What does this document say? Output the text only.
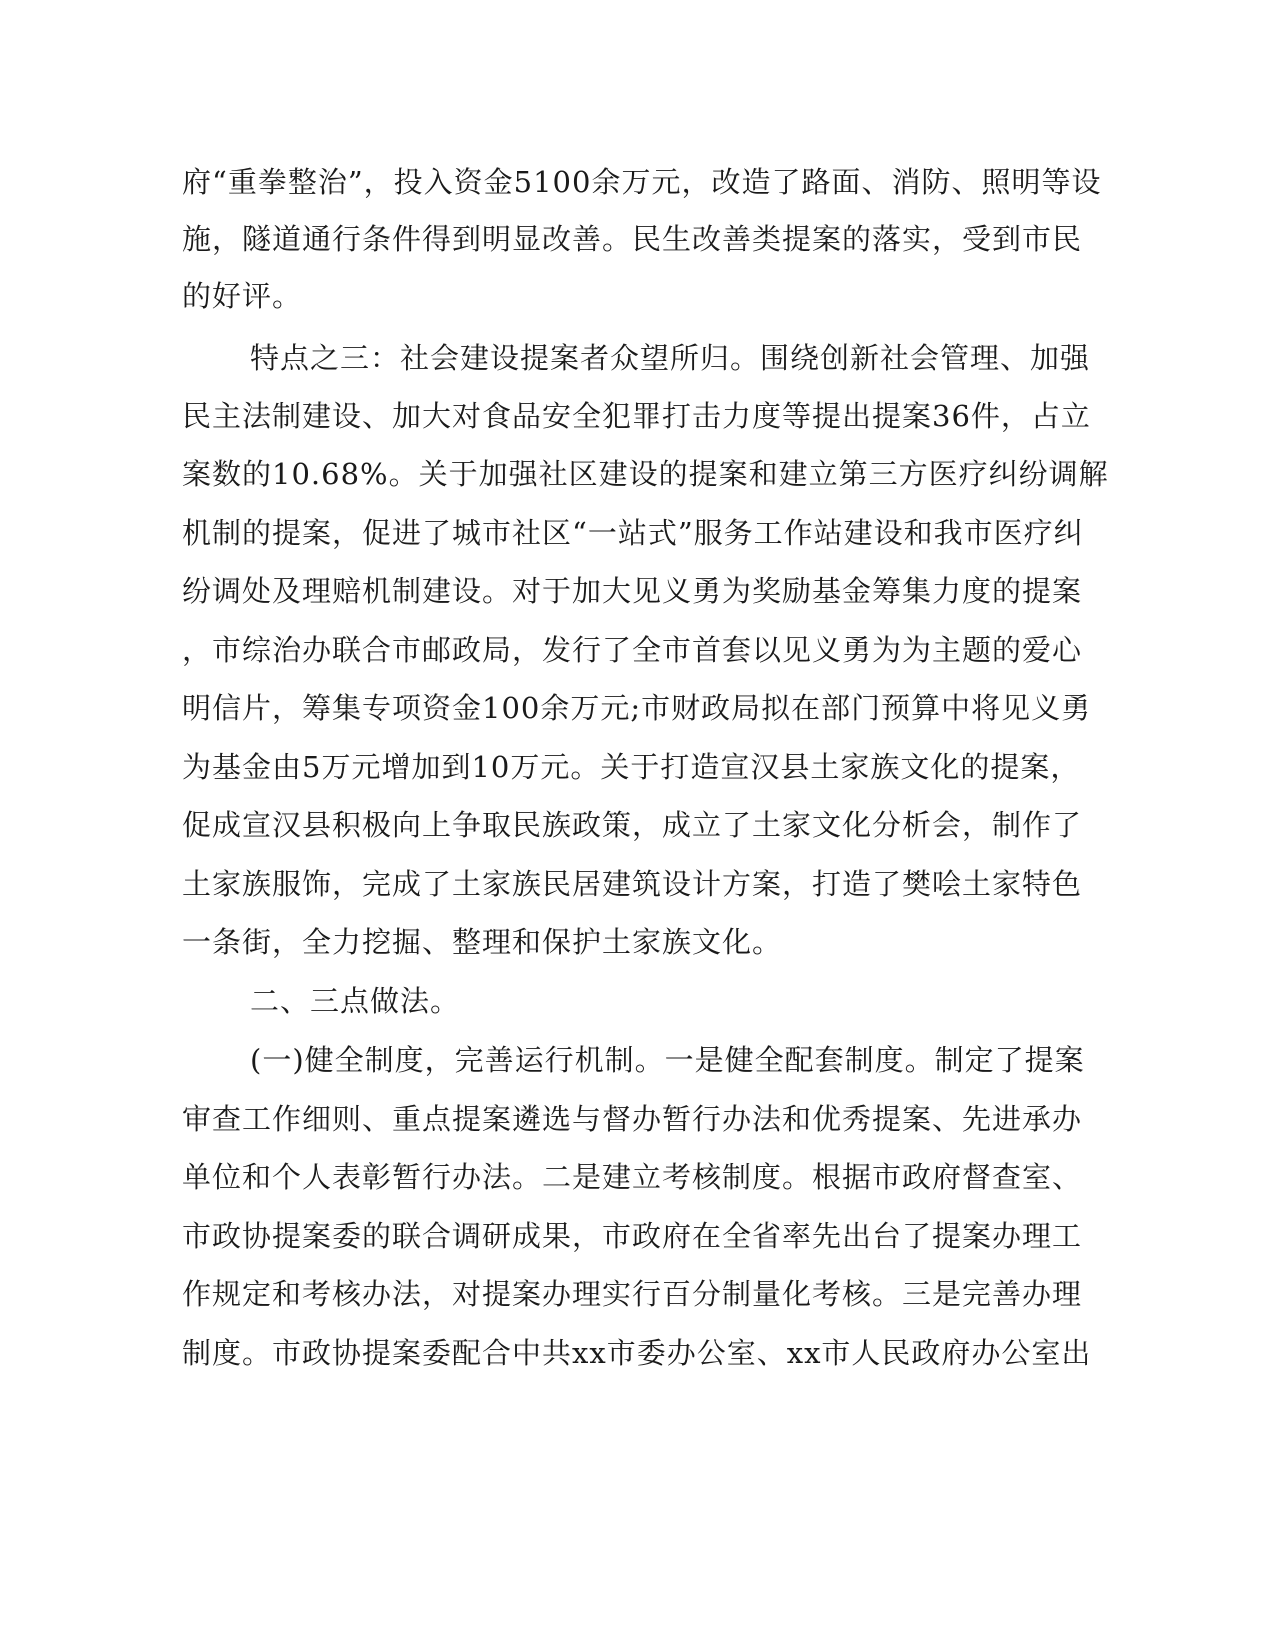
府“重拳整治”，投入资金5100余万元，改造了路面、消防、照明等设
施，隧道通行条件得到明显改善。民生改善类提案的落实，受到市民
的好评。
特点之三：社会建设提案者众望所归。围绕创新社会管理、加强
民主法制建设、加大对食品安全犯罪打击力度等提出提案36件，占立
案数的10.68%。关于加强社区建设的提案和建立第三方医疗纠纷调解
机制的提案，促进了城市社区“一站式”服务工作站建设和我市医疗纠
纷调处及理赔机制建设。对于加大见义勇为奖励基金筹集力度的提案
，市综治办联合市邮政局，发行了全市首套以见义勇为为主题的爱心
明信片，筹集专项资金100余万元;市财政局拟在部门预算中将见义勇
为基金由5万元增加到10万元。关于打造宣汉县土家族文化的提案，
促成宣汉县积极向上争取民族政策，成立了土家文化分析会，制作了
土家族服饰，完成了土家族民居建筑设计方案，打造了樊哙土家特色
一条街，全力挖掘、整理和保护土家族文化。
二、三点做法。
(一)健全制度，完善运行机制。一是健全配套制度。制定了提案
审查工作细则、重点提案遴选与督办暂行办法和优秀提案、先进承办
单位和个人表彰暂行办法。二是建立考核制度。根据市政府督查室、
市政协提案委的联合调研成果，市政府在全省率先出台了提案办理工
作规定和考核办法，对提案办理实行百分制量化考核。三是完善办理
制度。市政协提案委配合中共xx市委办公室、xx市人民政府办公室出
